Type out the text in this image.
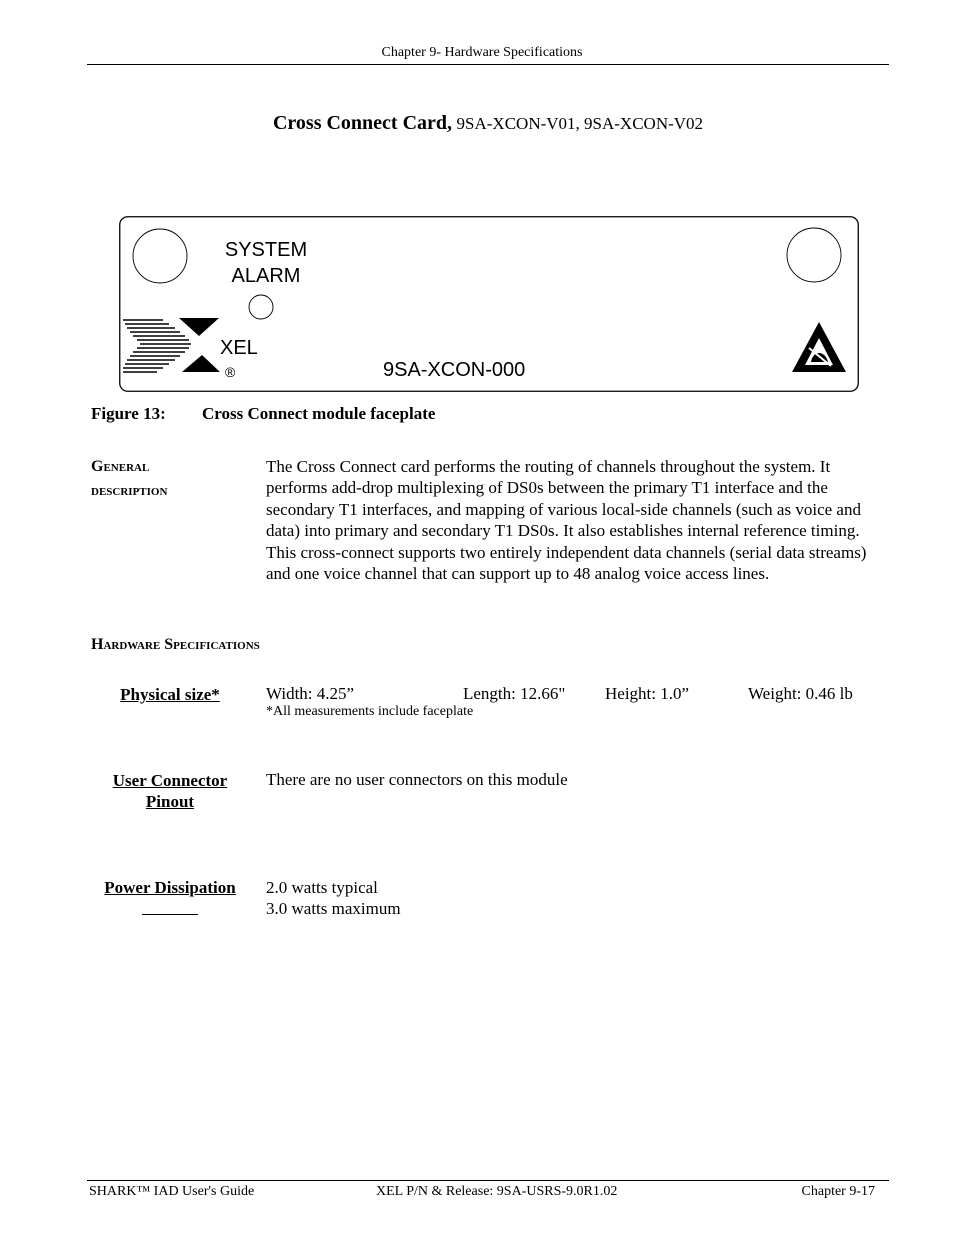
Chapter 9- Hardware Specifications
Cross Connect Card, 9SA-XCON-V01, 9SA-XCON-V02
SYSTEM
ALARM
XEL
®	9SA-XCON-000
Figure 13: Cross Connect module faceplate
General
description
The Cross Connect card performs the routing of channels throughout the system. It performs add-drop multiplexing of DS0s between the primary T1 interface and the secondary T1 interfaces, and mapping of various local-side channels (such as voice and data) into primary and secondary T1 DS0s. It also establishes internal reference timing. This cross-connect supports two entirely independent data channels (serial data streams) and one voice channel that can support up to 48 analog voice access lines.
Hardware Specifications
Physical size*	Width: 4.25”	Length: 12.66" Height: 1.0”	Weight: 0.46 lb
*All measurements include faceplate
User Connector
Pinout
There are no user connectors on this module
Power Dissipation	2.0 watts typical
3.0 watts maximum
SHARK™ IAD User's Guide	XEL P/N & Release: 9SA-USRS-9.0R1.02	Chapter 9-17
